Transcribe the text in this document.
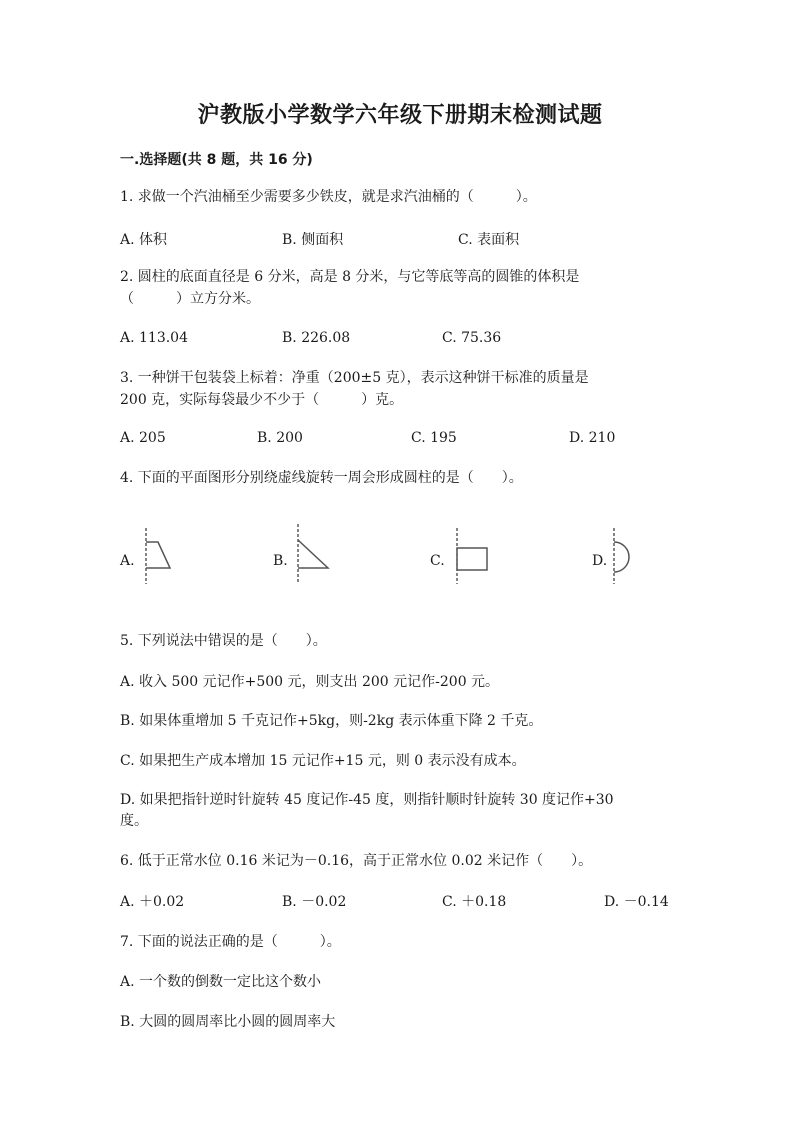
沪教版小学数学六年级下册期末检测试题
一.选择题(共 8 题，共 16 分)
1. 求做一个汽油桶至少需要多少铁皮，就是求汽油桶的（　　　）。
A. 体积	B. 侧面积	C. 表面积
2. 圆柱的底面直径是 6 分米，高是 8 分米，与它等底等高的圆锥的体积是
（　　　）立方分米。
A. 113.04	B. 226.08	C. 75.36
3. 一种饼干包装袋上标着：净重（200±5 克），表示这种饼干标准的质量是
200 克，实际每袋最少不少于（　　　）克。
A. 205	B. 200	C. 195	D. 210
4. 下面的平面图形分别绕虚线旋转一周会形成圆柱的是（　　）。
A.	B.	C.	D.
5. 下列说法中错误的是（　　）。
A. 收入 500 元记作+500 元，则支出 200 元记作-200 元。
B. 如果体重增加 5 千克记作+5kg，则-2kg 表示体重下降 2 千克。
C. 如果把生产成本增加 15 元记作+15 元，则 0 表示没有成本。
D. 如果把指针逆时针旋转 45 度记作-45 度，则指针顺时针旋转 30 度记作+30
度。
6. 低于正常水位 0.16 米记为－0.16，高于正常水位 0.02 米记作（　　）。
A. ＋0.02	B. －0.02	C. ＋0.18	D. －0.14
7. 下面的说法正确的是（　　　）。
A. 一个数的倒数一定比这个数小
B. 大圆的圆周率比小圆的圆周率大
